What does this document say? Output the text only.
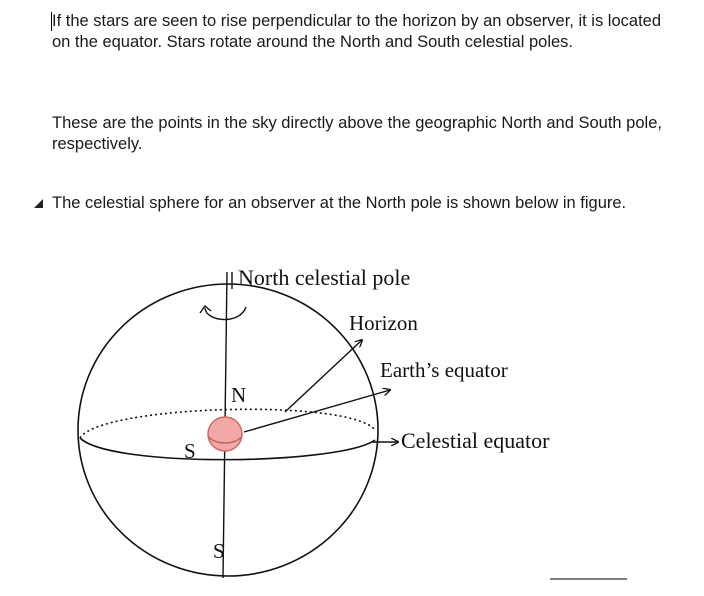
If the stars are seen to rise perpendicular to the horizon by an observer, it is located on the equator. Stars rotate around the North and South celestial poles.

These are the points in the sky directly above the geographic North and South pole, respectively.

The celestial sphere for an observer at the North pole is shown below in figure.

North celestial pole
Horizon
Earth’s equator
Celestial equator
N
S
S
